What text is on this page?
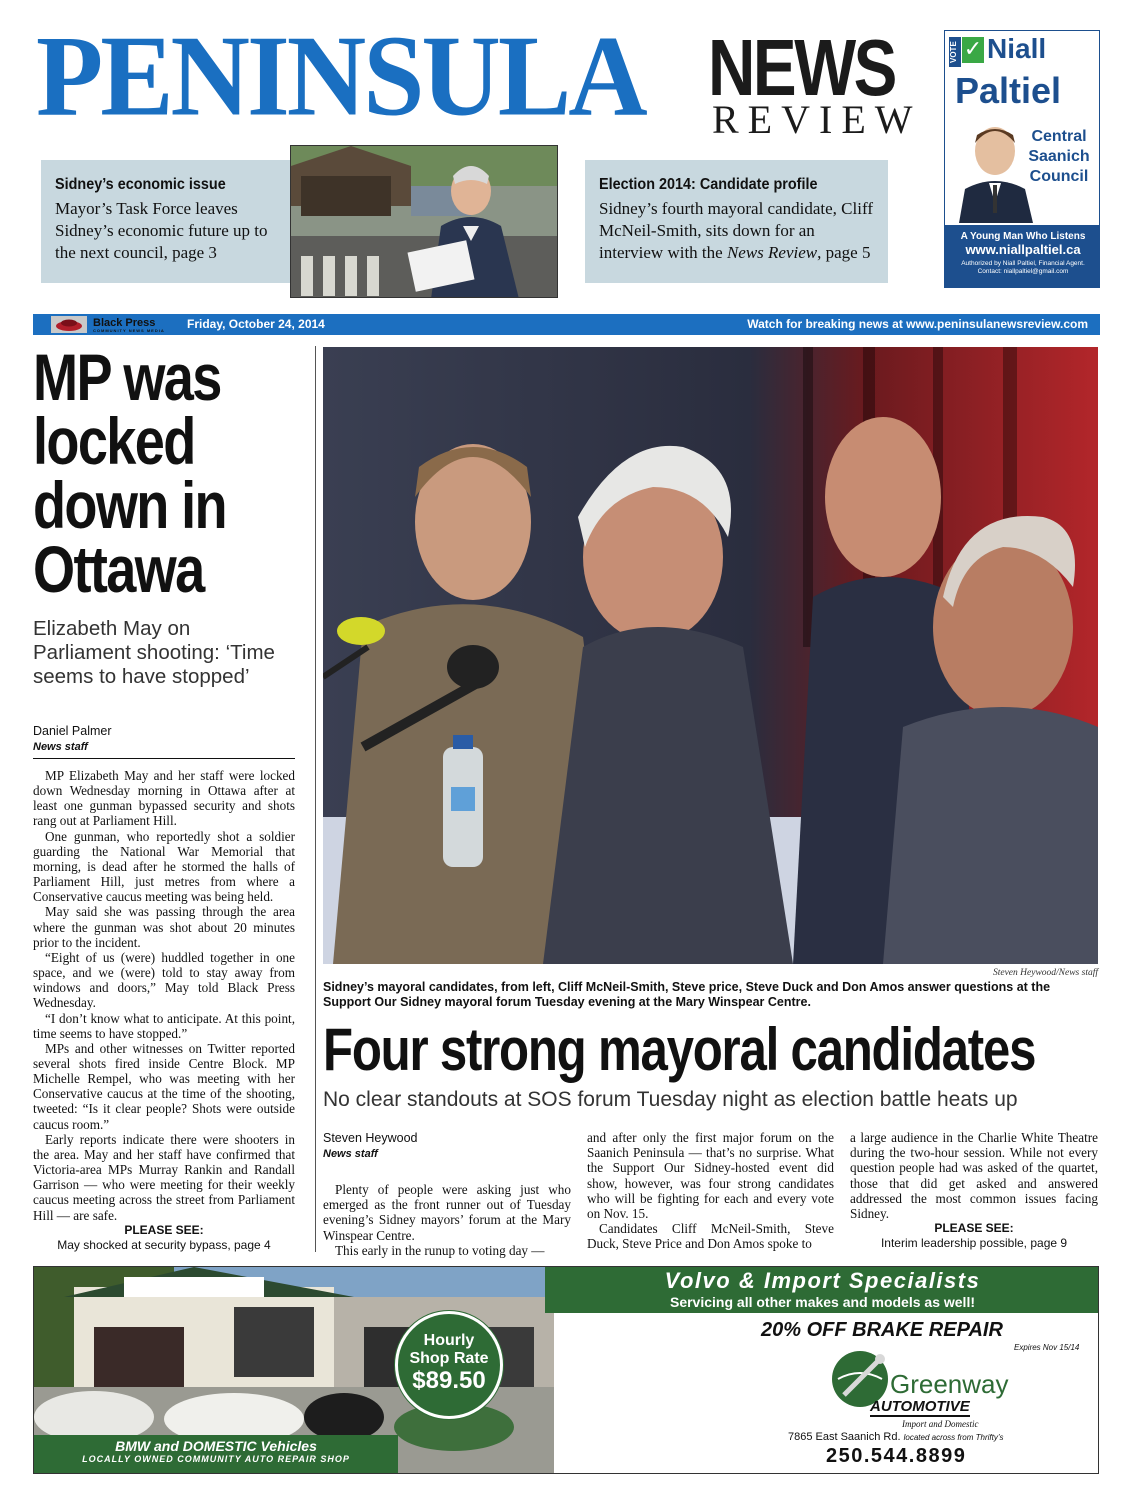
PENINSULA NEWS
REVIEW
Sidney’s economic issue
Mayor’s Task Force leaves Sidney’s economic future up to the next council, page 3
Election 2014: Candidate profile
Sidney’s fourth mayoral candidate, Cliff McNeil-Smith, sits down for an interview with the News Review, page 5
VOTE ✓ Niall
Paltiel
Central
Saanich
Council
A Young Man Who Listens
www.niallpaltiel.ca
Authorized by Niall Paltiel, Financial Agent.
Contact: niallpaltiel@gmail.com
Black Press
COMMUNITY NEWS MEDIA Friday, October 24, 2014	Watch for breaking news at www.peninsulanewsreview.com
MP was
locked
down in
Ottawa
Elizabeth May on Parliament shooting: ‘Time seems to have stopped’
Daniel Palmer
News staff

MP Elizabeth May and her staff were locked down Wednesday morning in Ottawa after at least one gunman bypassed security and shots rang out at Parliament Hill.

One gunman, who reportedly shot a soldier guarding the National War Memorial that morning, is dead after he stormed the halls of Parliament Hill, just metres from where a Conservative caucus meeting was being held.

May said she was passing through the area where the gunman was shot about 20 minutes prior to the incident.

“Eight of us (were) huddled together in one space, and we (were) told to stay away from windows and doors,” May told Black Press Wednesday.

“I don’t know what to anticipate. At this point, time seems to have stopped.”

MPs and other witnesses on Twitter reported several shots fired inside Centre Block. MP Michelle Rempel, who was meeting with her Conservative caucus at the time of the shooting, tweeted: “Is it clear people? Shots were outside caucus room.”

Early reports indicate there were shooters in the area. May and her staff have confirmed that Victoria-area MPs Murray Rankin and Randall Garrison — who were meeting for their weekly caucus meeting across the street from Parliament Hill — are safe.

PLEASE SEE:
May shocked at security bypass, page 4
Steven Heywood/News staff
Sidney’s mayoral candidates, from left, Cliff McNeil-Smith, Steve price, Steve Duck and Don Amos answer questions at the Support Our Sidney mayoral forum Tuesday evening at the Mary Winspear Centre.
Four strong mayoral candidates
No clear standouts at SOS forum Tuesday night as election battle heats up
Steven Heywood
News staff

Plenty of people were asking just who emerged as the front runner out of Tuesday evening’s Sidney mayors’ forum at the Mary Winspear Centre.

This early in the runup to voting day —

and after only the first major forum on the Saanich Peninsula — that’s no surprise. What the Support Our Sidney-hosted event did show, however, was four strong candidates who will be fighting for each and every vote on Nov. 15.

Candidates Cliff McNeil-Smith, Steve Duck, Steve Price and Don Amos spoke to

a large audience in the Charlie White Theatre during the two-hour session. While not every question people had was asked of the quartet, those that did get asked and answered addressed the most common issues facing Sidney.

PLEASE SEE:
Interim leadership possible, page 9
Volvo & Import Specialists
Servicing all other makes and models as well!
Hourly
Shop Rate
$89.50
20% OFF BRAKE REPAIR
Expires Nov 15/14
Greenway
AUTOMOTIVE
Import and Domestic
7865 East Saanich Rd. located across from Thrifty’s
250.544.8899
BMW and DOMESTIC Vehicles
LOCALLY OWNED COMMUNITY AUTO REPAIR SHOP
